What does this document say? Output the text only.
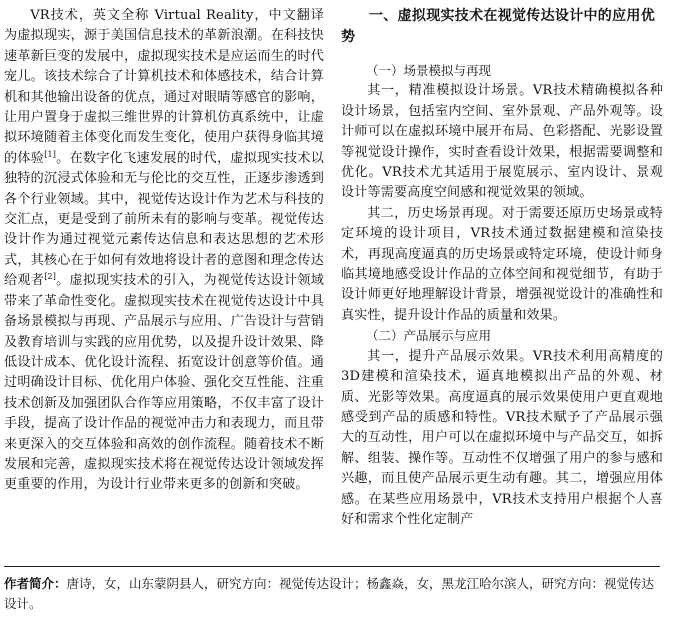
VR技术，英文全称 Virtual Reality，中文翻译为虚拟现实，源于美国信息技术的革新浪潮。在科技快速革新巨变的发展中，虚拟现实技术是应运而生的时代宠儿。该技术综合了计算机技术和体感技术，结合计算机和其他输出设备的优点，通过对眼睛等感官的影响，让用户置身于虚拟三维世界的计算机仿真系统中，让虚拟环境随着主体变化而发生变化，使用户获得身临其境的体验[1]。在数字化飞速发展的时代，虚拟现实技术以独特的沉浸式体验和无与伦比的交互性，正逐步渗透到各个行业领域。其中，视觉传达设计作为艺术与科技的交汇点，更是受到了前所未有的影响与变革。视觉传达设计作为通过视觉元素传达信息和表达思想的艺术形式，其核心在于如何有效地将设计者的意图和理念传达给观者[2]。虚拟现实技术的引入，为视觉传达设计领域带来了革命性变化。虚拟现实技术在视觉传达设计中具备场景模拟与再现、产品展示与应用、广告设计与营销及教育培训与实践的应用优势，以及提升设计效果、降低设计成本、优化设计流程、拓宽设计创意等价值。通过明确设计目标、优化用户体验、强化交互性能、注重技术创新及加强团队合作等应用策略，不仅丰富了设计手段，提高了设计作品的视觉冲击力和表现力，而且带来更深入的交互体验和高效的创作流程。随着技术不断发展和完善，虚拟现实技术将在视觉传达设计领域发挥更重要的作用，为设计行业带来更多的创新和突破。

一、虚拟现实技术在视觉传达设计中的应用优势
（一）场景模拟与再现

其一，精准模拟设计场景。VR技术精确模拟各种设计场景，包括室内空间、室外景观、产品外观等。设计师可以在虚拟环境中展开布局、色彩搭配、光影设置等视觉设计操作，实时查看设计效果，根据需要调整和优化。VR技术尤其适用于展览展示、室内设计、景观设计等需要高度空间感和视觉效果的领域。

其二，历史场景再现。对于需要还原历史场景或特定环境的设计项目，VR技术通过数据建模和渲染技术，再现高度逼真的历史场景或特定环境，使设计师身临其境地感受设计作品的立体空间和视觉细节，有助于设计师更好地理解设计背景，增强视觉设计的准确性和真实性，提升设计作品的质量和效果。

（二）产品展示与应用

其一，提升产品展示效果。VR技术利用高精度的3D建模和渲染技术，逼真地模拟出产品的外观、材质、光影等效果。高度逼真的展示效果使用户更直观地感受到产品的质感和特性。VR技术赋予了产品展示强大的互动性，用户可以在虚拟环境中与产品交互，如拆解、组装、操作等。互动性不仅增强了用户的参与感和兴趣，而且使产品展示更生动有趣。其二，增强应用体感。在某些应用场景中，VR技术支持用户根据个人喜好和需求个性化定制产

作者简介：唐诗，女，山东蒙阴县人，研究方向：视觉传达设计；杨鑫焱，女，黑龙江哈尔滨人，研究方向：视觉传达设计。
